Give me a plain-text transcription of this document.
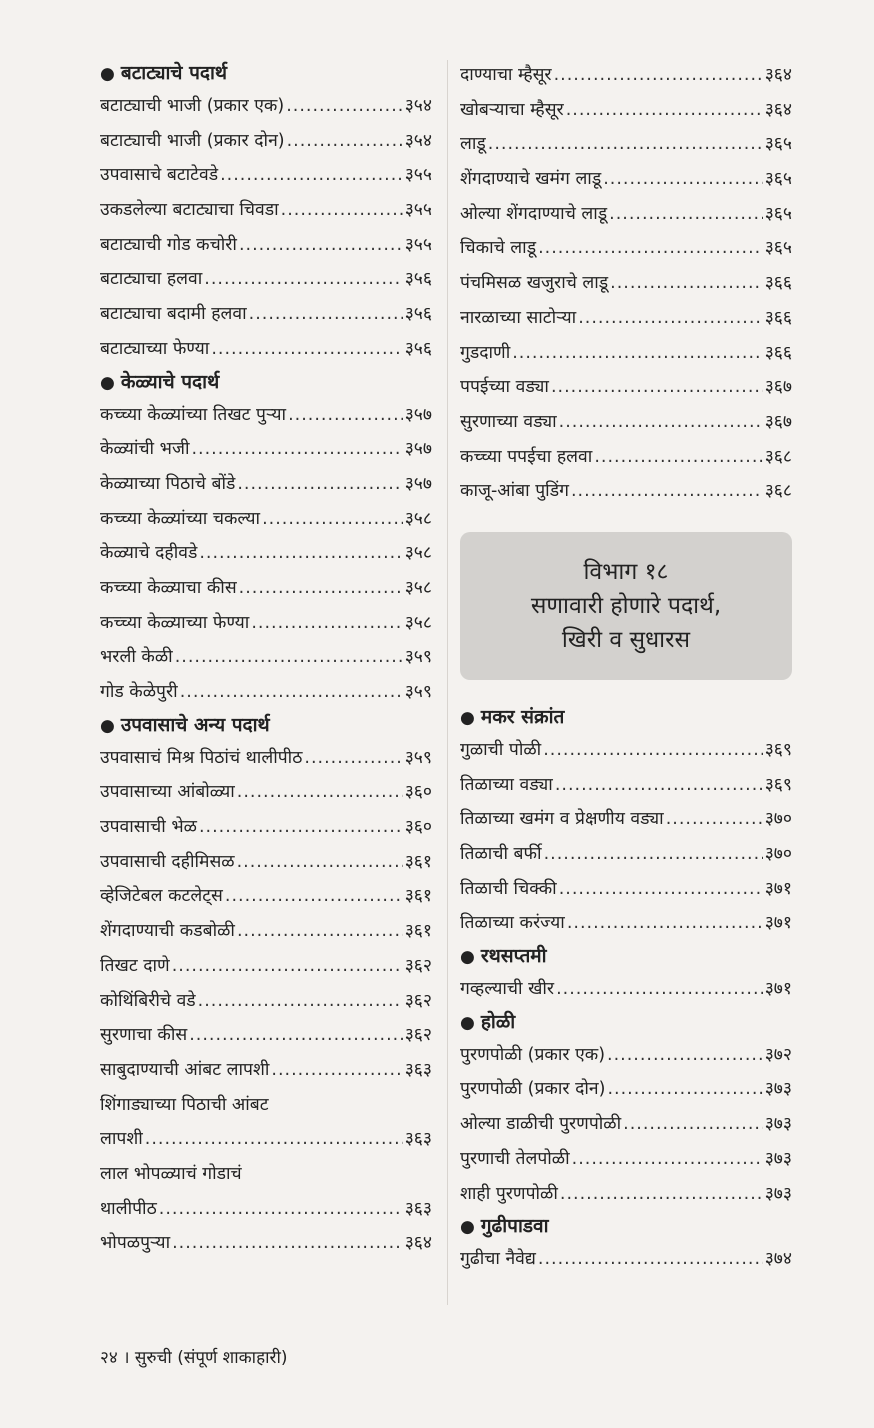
● बटाट्याचे पदार्थ
बटाट्याची भाजी (प्रकार एक) .....	३५४
बटाट्याची भाजी (प्रकार दोन) .....	३५४
उपवासाचे बटाटेवडे .....	३५५
उकडलेल्या बटाट्याचा चिवडा .....	३५५
बटाट्याची गोड कचोरी .....	३५५
बटाट्याचा हलवा .....	३५६
बटाट्याचा बदामी हलवा .....	३५६
बटाट्याच्या फेण्या .....	३५६
● केळ्याचे पदार्थ
कच्च्या केळ्यांच्या तिखट पुऱ्या .....	३५७
केळ्यांची भजी .....	३५७
केळ्याच्या पिठाचे बोंडे .....	३५७
कच्च्या केळ्यांच्या चकल्या .....	३५८
केळ्याचे दहीवडे .....	३५८
कच्च्या केळ्याचा कीस .....	३५८
कच्च्या केळ्याच्या फेण्या .....	३५८
भरली केळी .....	३५९
गोड केळेपुरी .....	३५९
● उपवासाचे अन्य पदार्थ
उपवासाचं मिश्र पिठांचं थालीपीठ .....	३५९
उपवासाच्या आंबोळ्या .....	३६०
उपवासाची भेळ .....	३६०
उपवासाची दहीमिसळ .....	३६१
व्हेजिटेबल कटलेट्स .....	३६१
शेंगदाण्याची कडबोळी .....	३६१
तिखट दाणे .....	३६२
कोथिंबिरीचे वडे .....	३६२
सुरणाचा कीस .....	३६२
साबुदाण्याची आंबट लापशी .....	३६३
शिंगाड्याच्या पिठाची आंबट
लापशी .....	३६३
लाल भोपळ्याचं गोडाचं
थालीपीठ .....	३६३
भोपळपुऱ्या .....	३६४
दाण्याचा म्हैसूर .....	३६४
खोबऱ्याचा म्हैसूर .....	३६४
लाडू .....	३६५
शेंगदाण्याचे खमंग लाडू .....	३६५
ओल्या शेंगदाण्याचे लाडू .....	३६५
चिकाचे लाडू .....	३६५
पंचमिसळ खजुराचे लाडू .....	३६६
नारळाच्या साटोऱ्या .....	३६६
गुडदाणी .....	३६६
पपईच्या वड्या .....	३६७
सुरणाच्या वड्या .....	३६७
कच्च्या पपईचा हलवा .....	३६८
काजू-आंबा पुडिंग .....	३६८
विभाग १८
सणावारी होणारे पदार्थ,
खिरी व सुधारस
● मकर संक्रांत
गुळाची पोळी .....	३६९
तिळाच्या वड्या .....	३६९
तिळाच्या खमंग व प्रेक्षणीय वड्या .....	३७०
तिळाची बर्फी .....	३७०
तिळाची चिक्की .....	३७१
तिळाच्या करंज्या .....	३७१
● रथसप्तमी
गव्हल्याची खीर .....	३७१
● होळी
पुरणपोळी (प्रकार एक) .....	३७२
पुरणपोळी (प्रकार दोन) .....	३७३
ओल्या डाळीची पुरणपोळी .....	३७३
पुरणाची तेलपोळी .....	३७३
शाही पुरणपोळी .....	३७३
● गुढीपाडवा
गुढीचा नैवेद्य .....	३७४
२४ । सुरुची (संपूर्ण शाकाहारी)
